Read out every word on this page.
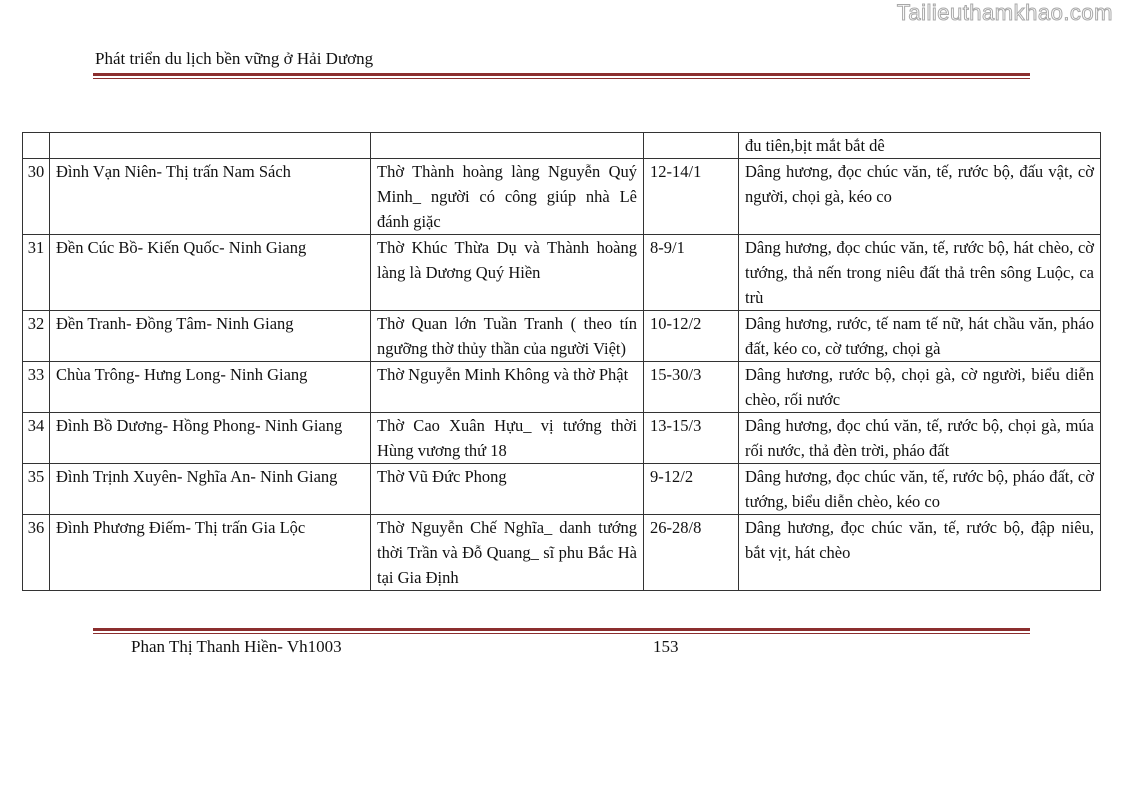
Tailieuthamkhao.com
Phát triển du lịch bền vững ở Hải Dương
				đu tiên,bịt mắt bắt dê
30	Đình Vạn Niên- Thị trấn Nam Sách	Thờ Thành hoàng làng Nguyễn Quý Minh_ người có công giúp nhà Lê đánh giặc	12-14/1	Dâng hương, đọc chúc văn, tế, rước bộ, đấu vật, cờ người, chọi gà, kéo co
31	Đền Cúc Bồ- Kiến Quốc- Ninh Giang	Thờ Khúc Thừa Dụ và Thành hoàng làng là Dương Quý Hiền	8-9/1	Dâng hương, đọc chúc văn, tế, rước bộ, hát chèo, cờ tướng, thả nến trong niêu đất thả trên sông Luộc, ca trù
32	Đền Tranh- Đồng Tâm- Ninh Giang	Thờ Quan lớn Tuần Tranh ( theo tín ngưỡng thờ thủy thần của người Việt)	10-12/2	Dâng hương, rước, tế nam tế nữ, hát chầu văn, pháo đất, kéo co, cờ tướng, chọi gà
33	Chùa Trông- Hưng Long- Ninh Giang	Thờ Nguyễn Minh Không và thờ Phật	15-30/3	Dâng hương, rước bộ, chọi gà, cờ người, biểu diễn chèo, rối nước
34	Đình Bồ Dương- Hồng Phong- Ninh Giang	Thờ Cao Xuân Hựu_ vị tướng thời Hùng vương thứ 18	13-15/3	Dâng hương, đọc chú văn, tế, rước bộ, chọi gà, múa rối nước, thả đèn trời, pháo đất
35	Đình Trịnh Xuyên- Nghĩa An- Ninh Giang	Thờ Vũ Đức Phong	9-12/2	Dâng hương, đọc chúc văn, tế, rước bộ, pháo đất, cờ tướng, biểu diễn chèo, kéo co
36	Đình Phương Điếm- Thị trấn Gia Lộc	Thờ Nguyễn Chế Nghĩa_ danh tướng thời Trần và Đỗ Quang_ sĩ phu Bắc Hà tại Gia Định	26-28/8	Dâng hương, đọc chúc văn, tế, rước bộ, đập niêu, bắt vịt, hát chèo
Phan Thị Thanh Hiền- Vh1003	153
